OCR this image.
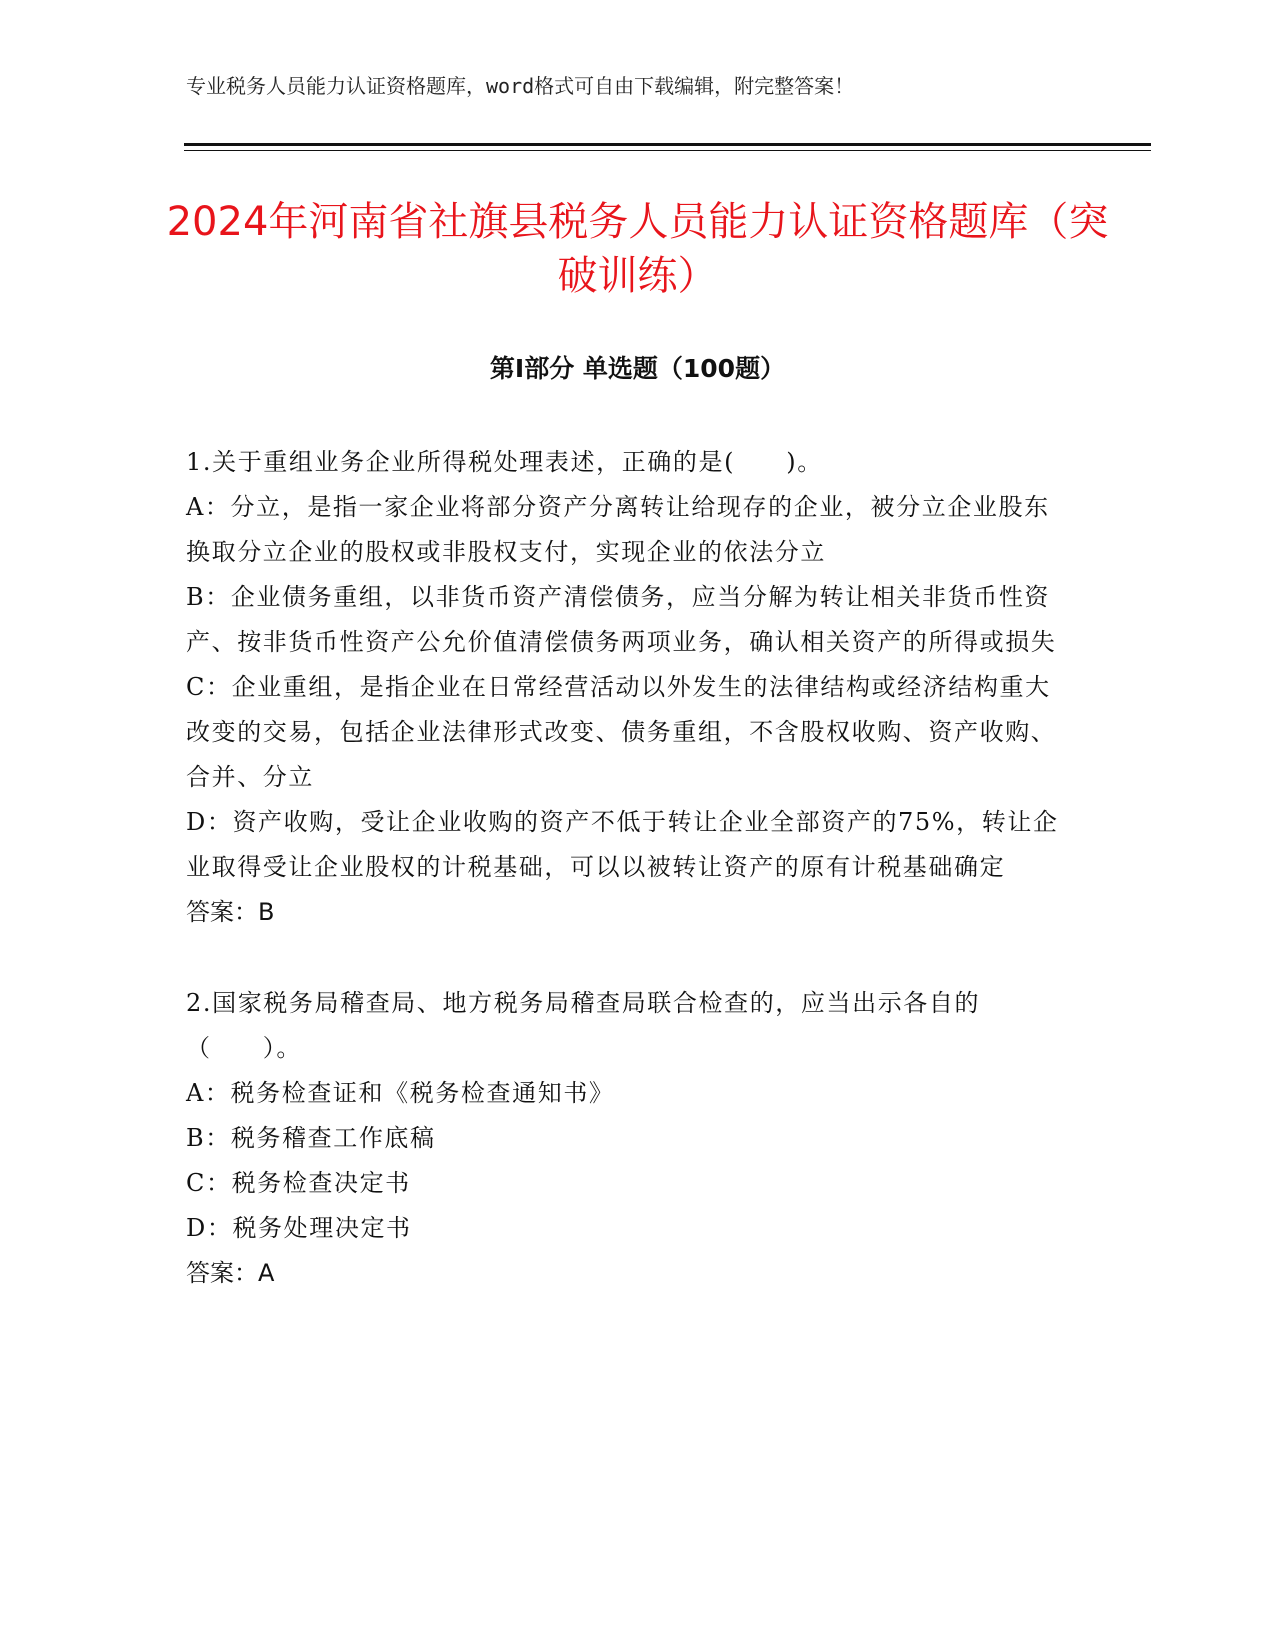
专业税务人员能力认证资格题库，word格式可自由下载编辑，附完整答案！
2024年河南省社旗县税务人员能力认证资格题库（突破训练）
第Ⅰ部分 单选题（100题）

1.关于重组业务企业所得税处理表述，正确的是(　　)。

A：分立，是指一家企业将部分资产分离转让给现存的企业，被分立企业股东换取分立企业的股权或非股权支付，实现企业的依法分立

B：企业债务重组，以非货币资产清偿债务，应当分解为转让相关非货币性资产、按非货币性资产公允价值清偿债务两项业务，确认相关资产的所得或损失

C：企业重组，是指企业在日常经营活动以外发生的法律结构或经济结构重大改变的交易，包括企业法律形式改变、债务重组，不含股权收购、资产收购、合并、分立

D：资产收购，受让企业收购的资产不低于转让企业全部资产的75%，转让企业取得受让企业股权的计税基础，可以以被转让资产的原有计税基础确定

答案：B

2.国家税务局稽查局、地方税务局稽查局联合检查的，应当出示各自的（　　）。

A：税务检查证和《税务检查通知书》

B：税务稽查工作底稿

C：税务检查决定书

D：税务处理决定书

答案：A
